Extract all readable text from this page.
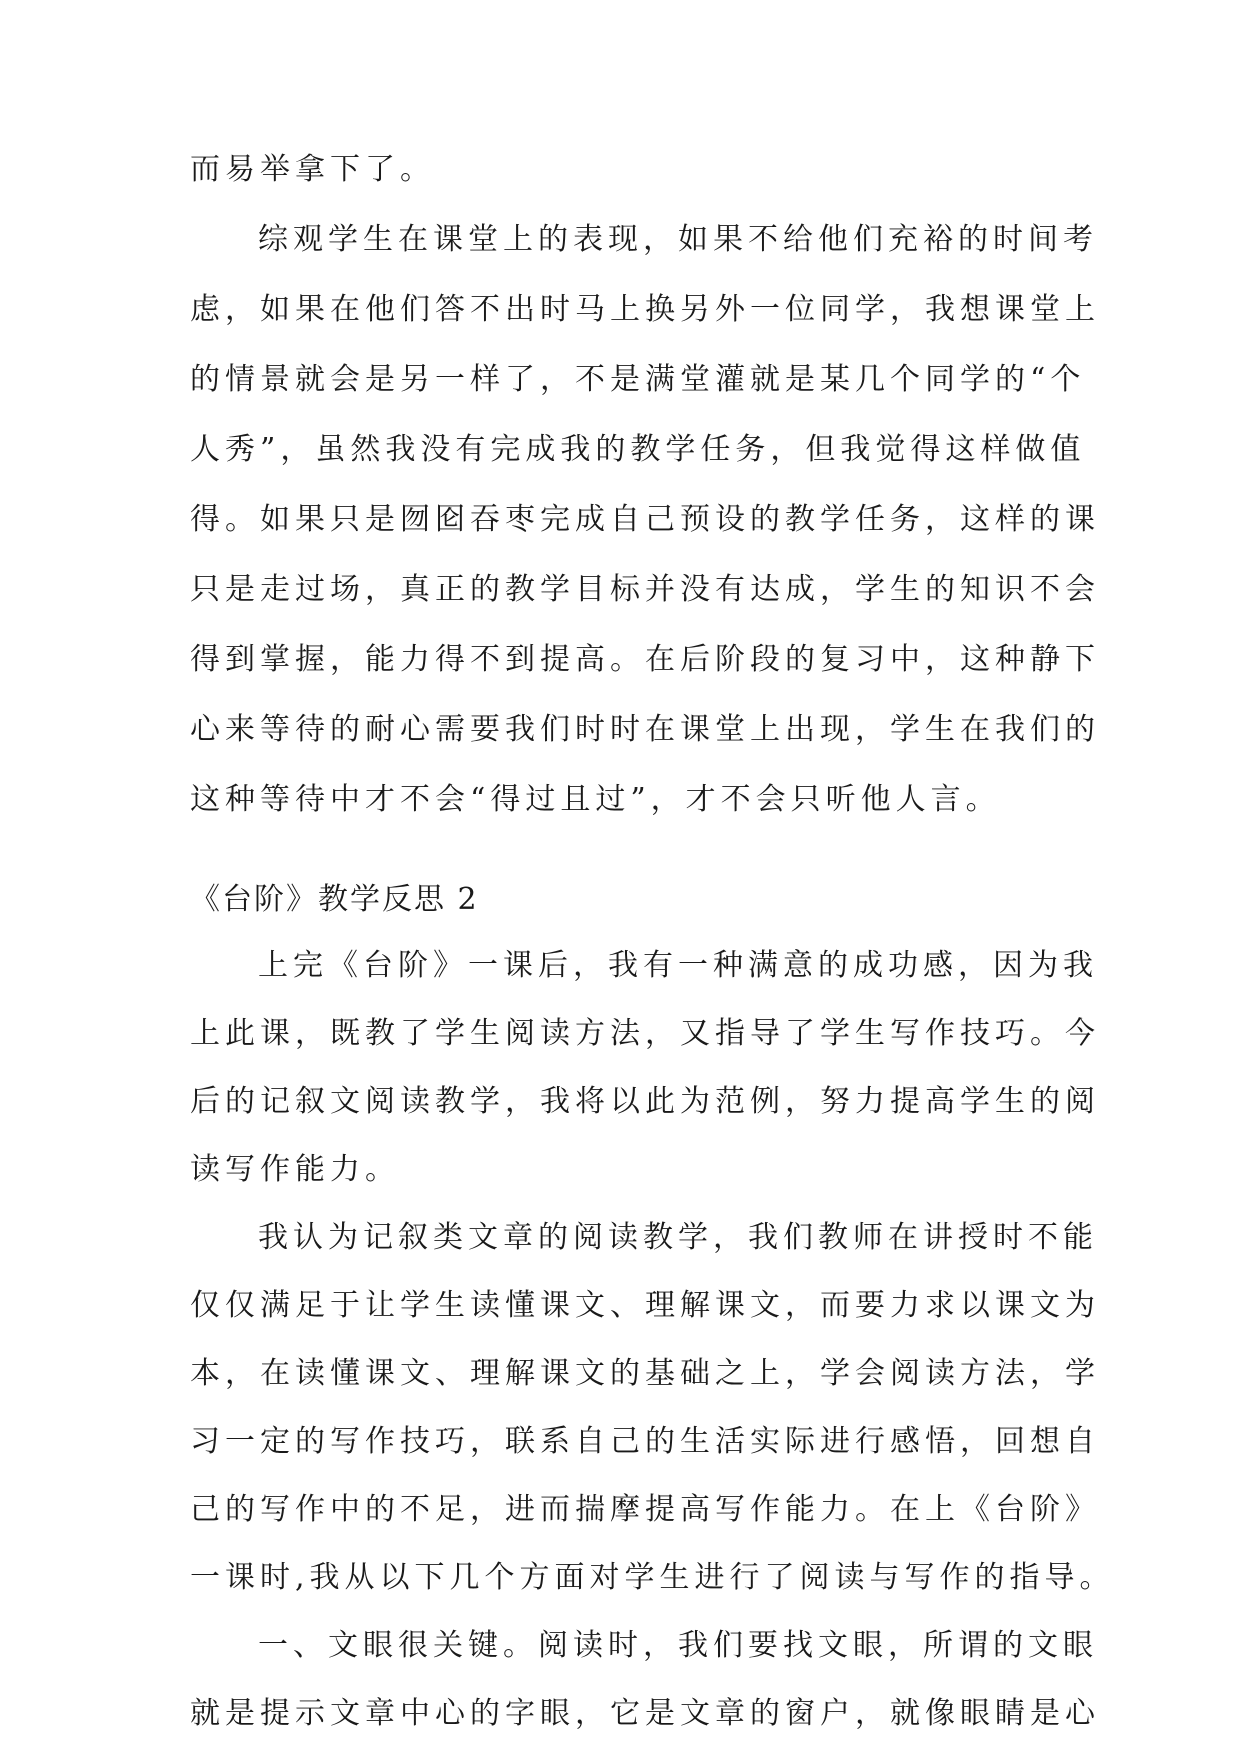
而易举拿下了。
综观学生在课堂上的表现，如果不给他们充裕的时间考
虑，如果在他们答不出时马上换另外一位同学，我想课堂上
的情景就会是另一样了，不是满堂灌就是某几个同学的“个
人秀”，虽然我没有完成我的教学任务，但我觉得这样做值
得。如果只是囫囵吞枣完成自己预设的教学任务，这样的课
只是走过场，真正的教学目标并没有达成，学生的知识不会
得到掌握，能力得不到提高。在后阶段的复习中，这种静下
心来等待的耐心需要我们时时在课堂上出现，学生在我们的
这种等待中才不会“得过且过”，才不会只听他人言。
《台阶》教学反思 2
上完《台阶》一课后，我有一种满意的成功感，因为我
上此课，既教了学生阅读方法，又指导了学生写作技巧。今
后的记叙文阅读教学，我将以此为范例，努力提高学生的阅
读写作能力。
我认为记叙类文章的阅读教学，我们教师在讲授时不能
仅仅满足于让学生读懂课文、理解课文，而要力求以课文为
本，在读懂课文、理解课文的基础之上，学会阅读方法，学
习一定的写作技巧，联系自己的生活实际进行感悟，回想自
己的写作中的不足，进而揣摩提高写作能力。在上《台阶》
一课时,我从以下几个方面对学生进行了阅读与写作的指导。
一、文眼很关键。阅读时，我们要找文眼，所谓的文眼
就是提示文章中心的字眼，它是文章的窗户，就像眼睛是心
